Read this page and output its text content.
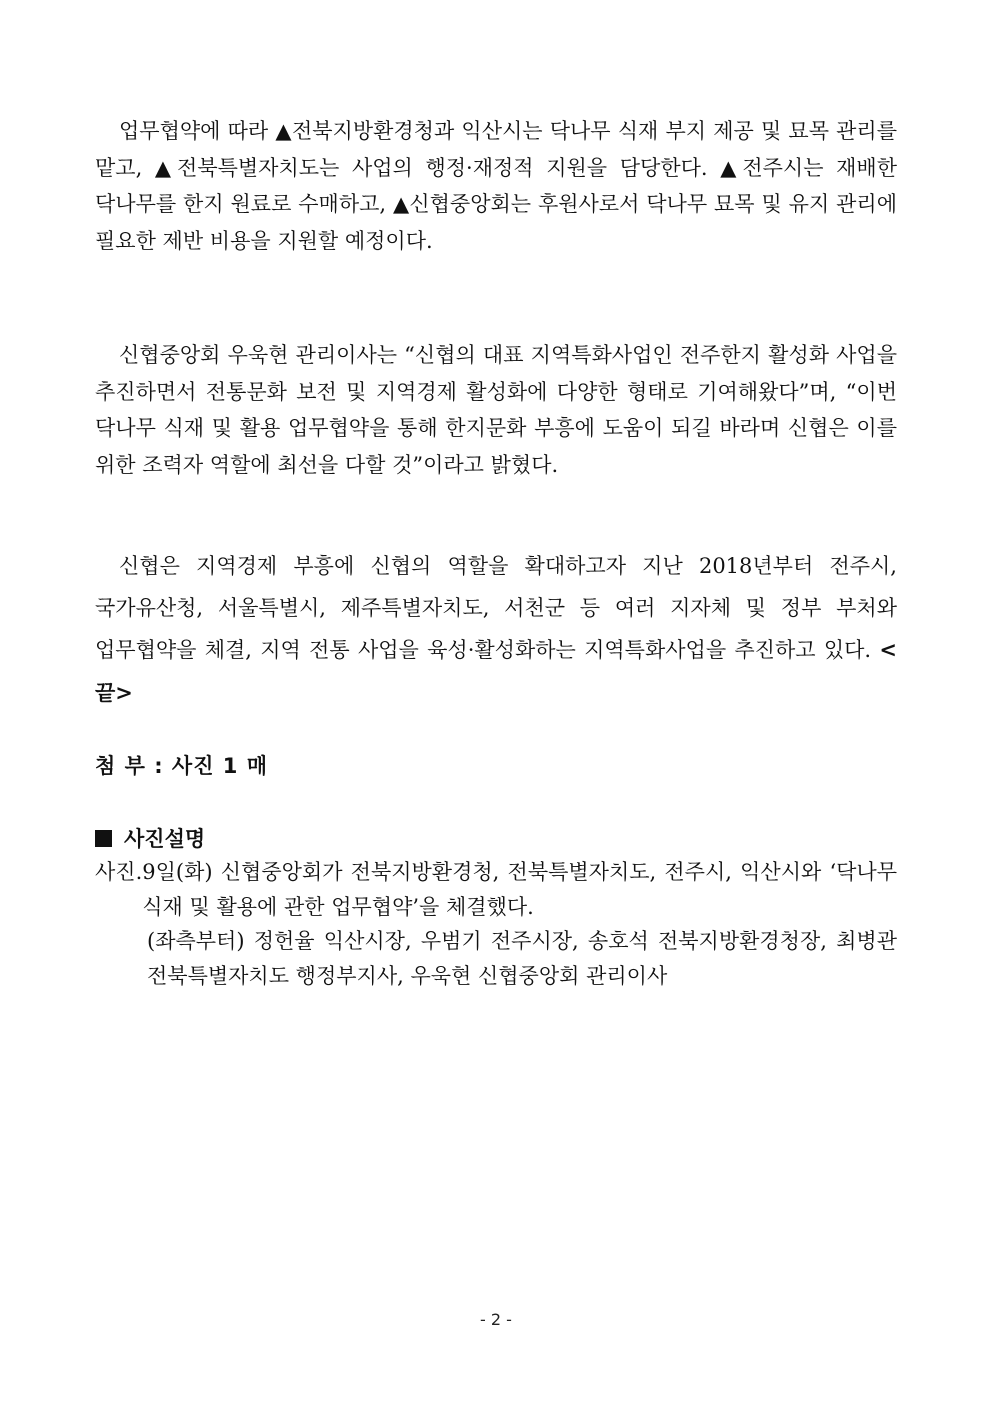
업무협약에 따라 ▲전북지방환경청과 익산시는 닥나무 식재 부지 제공 및 묘목 관리를 맡고, ▲전북특별자치도는 사업의 행정·재정적 지원을 담당한다. ▲전주시는 재배한 닥나무를 한지 원료로 수매하고, ▲신협중앙회는 후원사로서 닥나무 묘목 및 유지 관리에 필요한 제반 비용을 지원할 예정이다.

신협중앙회 우욱현 관리이사는 “신협의 대표 지역특화사업인 전주한지 활성화 사업을 추진하면서 전통문화 보전 및 지역경제 활성화에 다양한 형태로 기여해왔다”며, “이번 닥나무 식재 및 활용 업무협약을 통해 한지문화 부흥에 도움이 되길 바라며 신협은 이를 위한 조력자 역할에 최선을 다할 것”이라고 밝혔다.

신협은 지역경제 부흥에 신협의 역할을 확대하고자 지난 2018년부터 전주시, 국가유산청, 서울특별시, 제주특별자치도, 서천군 등 여러 지자체 및 정부 부처와 업무협약을 체결, 지역 전통 사업을 육성·활성화하는 지역특화사업을 추진하고 있다. <끝>

첨 부 : 사진 1 매

사진설명
사진. 9일(화) 신협중앙회가 전북지방환경청, 전북특별자치도, 전주시, 익산시와 ‘닥나무 식재 및 활용에 관한 업무협약’을 체결했다.
(좌측부터) 정헌율 익산시장, 우범기 전주시장, 송호석 전북지방환경청장, 최병관 전북특별자치도 행정부지사, 우욱현 신협중앙회 관리이사

- 2 -
